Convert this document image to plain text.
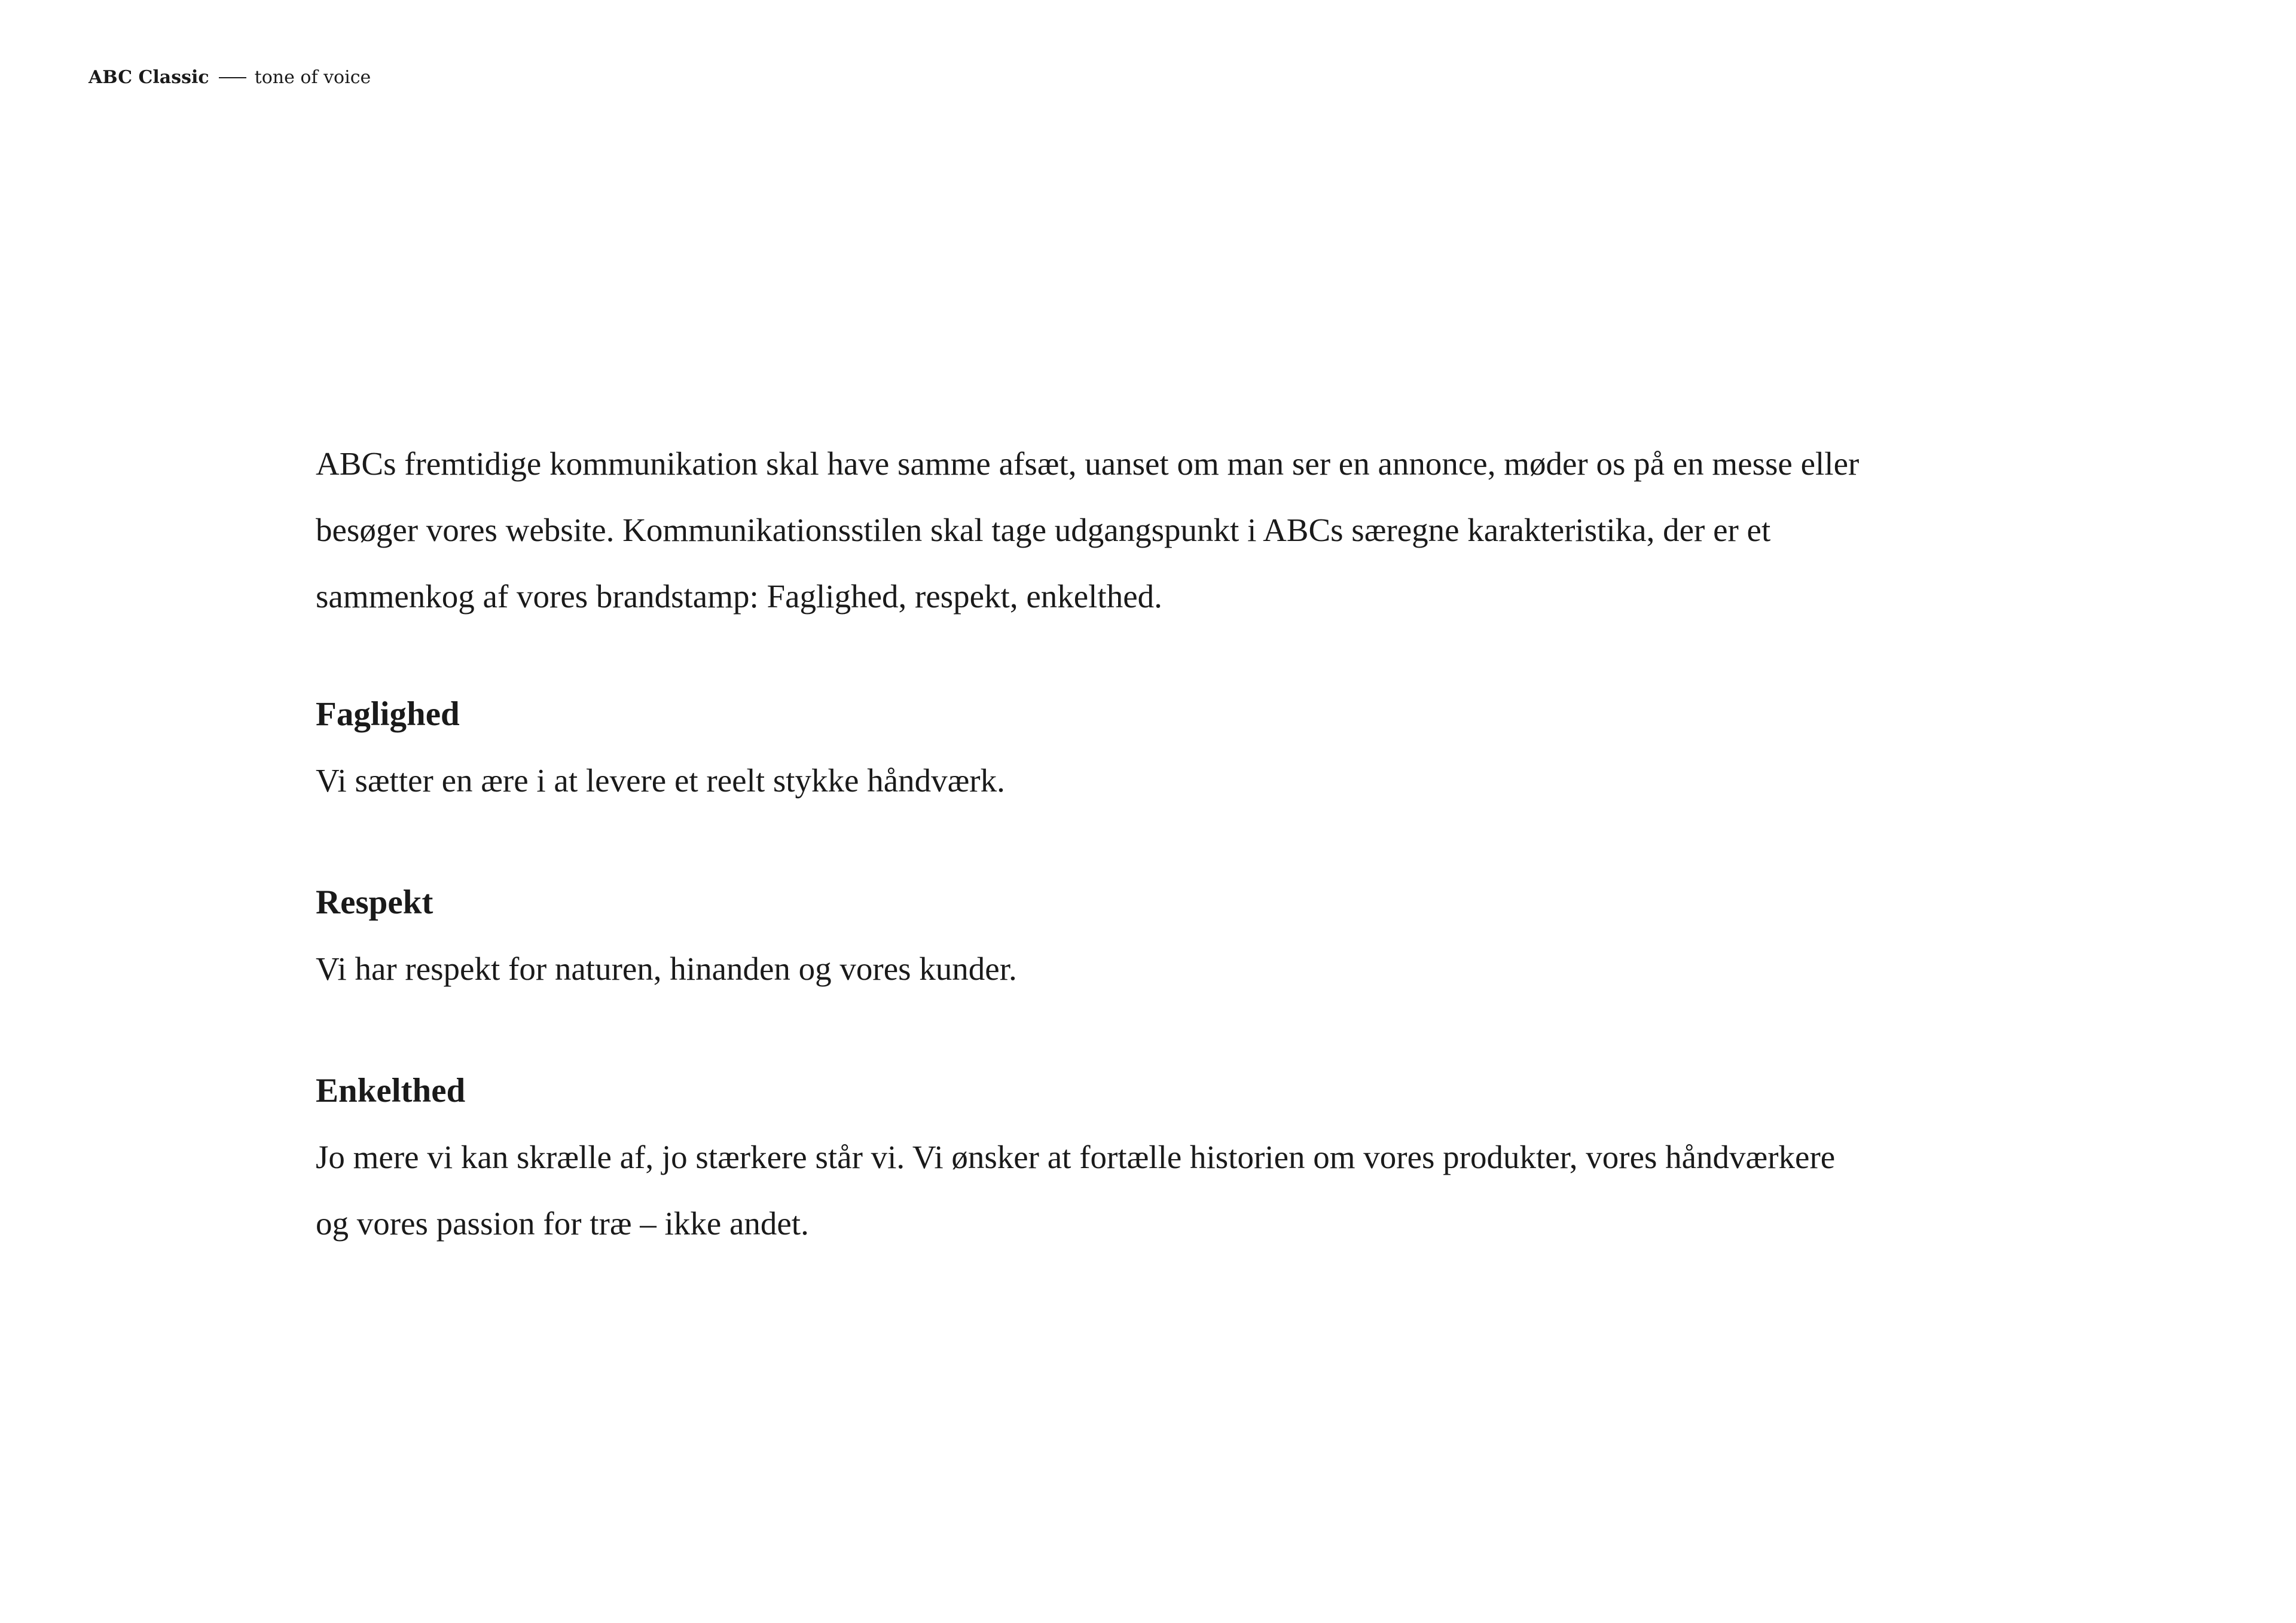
ABC Classic	tone of voice

ABCs fremtidige kommunikation skal have samme afsæt, uanset om man ser en annonce, møder os på en messe eller besøger vores website. Kommunikationsstilen skal tage udgangspunkt i ABCs særegne karakteristika, der er et sammenkog af vores brandstamp: Faglighed, respekt, enkelthed.

Faglighed

Vi sætter en ære i at levere et reelt stykke håndværk.

Respekt

Vi har respekt for naturen, hinanden og vores kunder.

Enkelthed

Jo mere vi kan skrælle af, jo stærkere står vi. Vi ønsker at fortælle historien om vores produkter, vores håndværkere og vores passion for træ – ikke andet.
